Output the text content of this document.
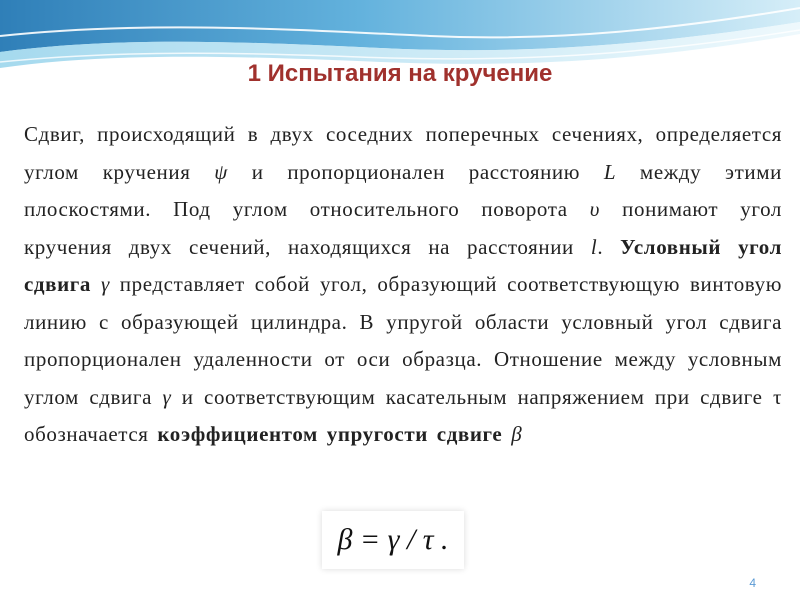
1 Испытания на кручение

Сдвиг, происходящий в двух соседних поперечных сечениях, определяется углом кручения ψ и пропорционален расстоянию L между этими плоскостями. Под углом относительного поворота υ понимают угол кручения двух сечений, находящихся на расстоянии l. Условный угол сдвига γ представляет собой угол, образующий соответствующую винтовую линию с образующей цилиндра. В упругой области условный угол сдвига пропорционален удаленности от оси образца. Отношение между условным углом сдвига γ и соответствующим касательным напряжением при сдвиге τ обозначается коэффициентом упругости сдвиге β

β = γ / τ .
4
